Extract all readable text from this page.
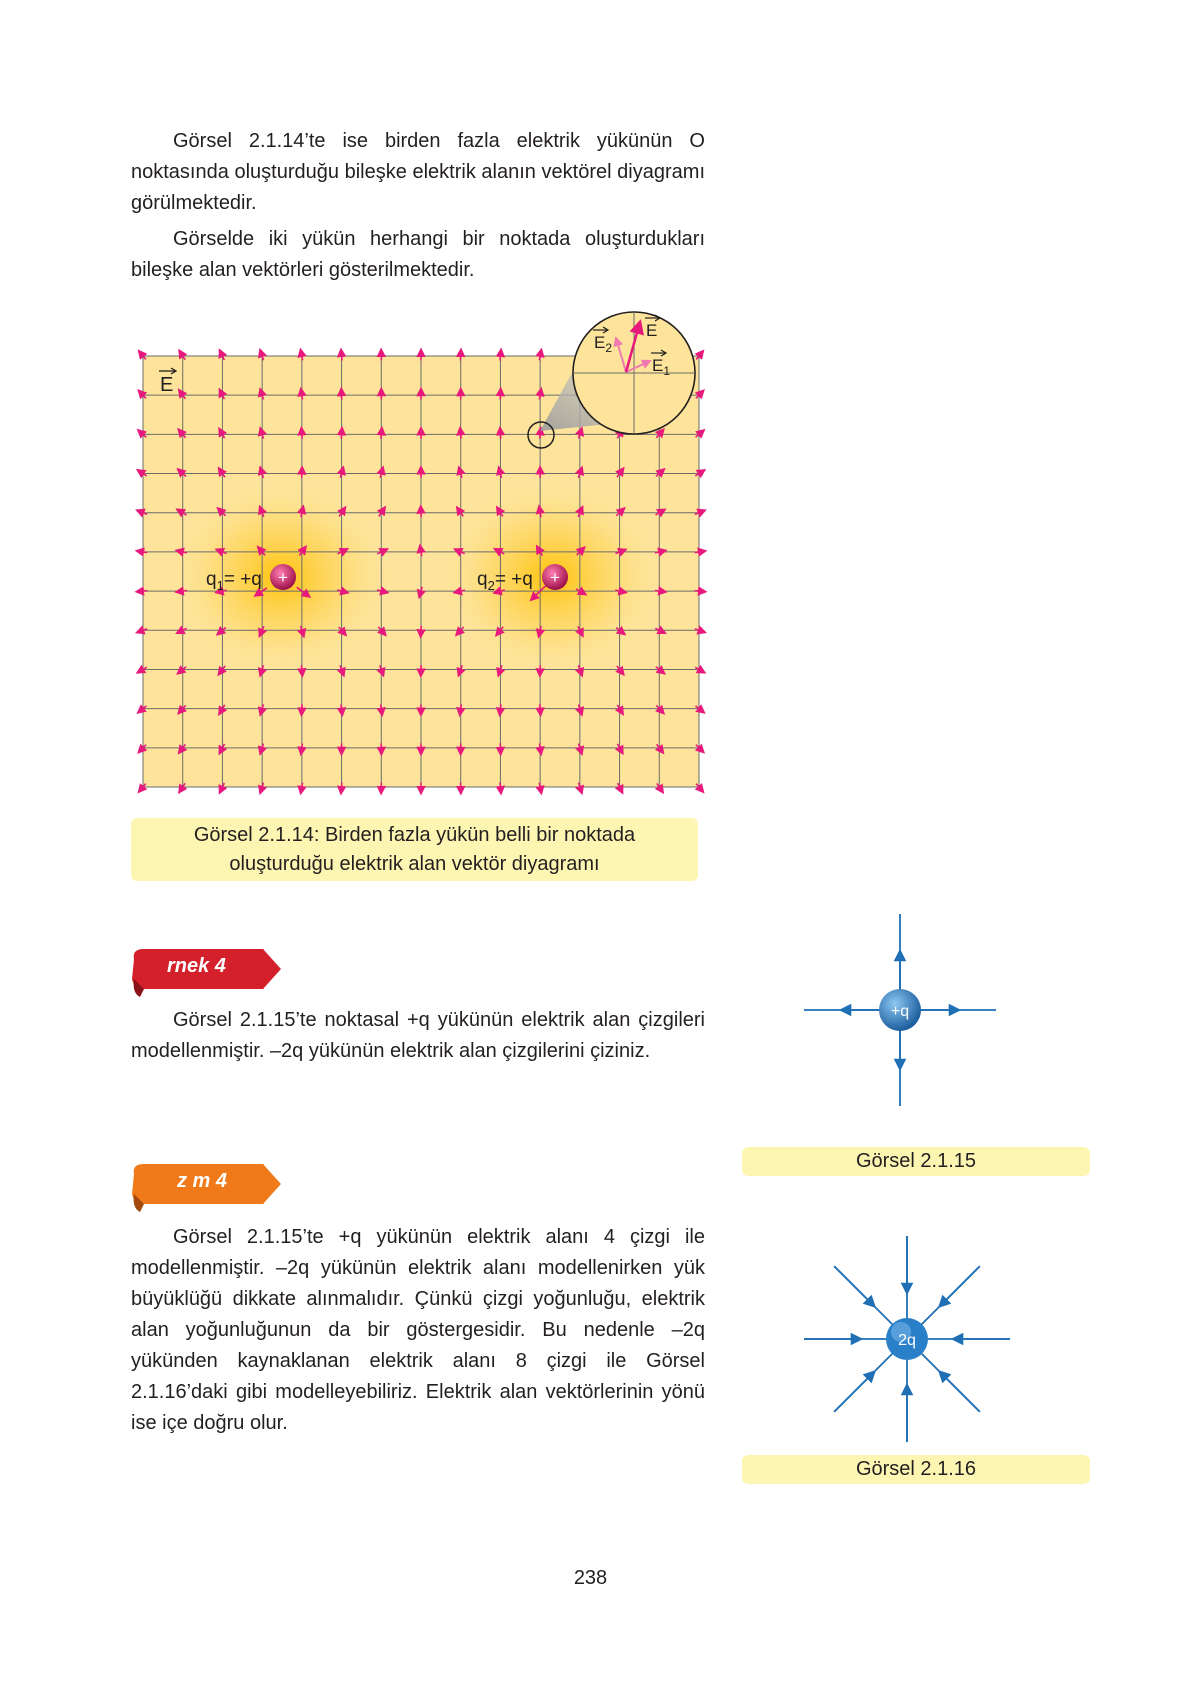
Görsel 2.1.14’te ise birden fazla elektrik yükünün O noktasında oluşturduğu bileşke elektrik alanın vektörel diyagramı görülmektedir.

Görselde iki yükün herhangi bir noktada oluşturdukları bileşke alan vektörleri gösterilmektedir.

E
$q_1= +q$ +	$q_2= +q$ +
E
$E_1$
$E_2$
Görsel 2.1.14: Birden fazla yükün belli bir noktada
oluşturduğu elektrik alan vektör diyagramı
rnek 4

Görsel 2.1.15’te noktasal +q yükünün elektrik alan çizgileri modellenmiştir. –2q yükünün elektrik alan çizgilerini çiziniz.

z m 4

Görsel 2.1.15’te +q yükünün elektrik alanı 4 çizgi ile modellenmiştir. –2q yükünün elektrik alanı modellenirken yük büyüklüğü dikkate alınmalıdır. Çünkü çizgi yoğunluğu, elektrik alan yoğunluğunun da bir göstergesidir. Bu nedenle –2q yükünden kaynaklanan elektrik alanı 8 çizgi ile Görsel 2.1.16’daki gibi modelleyebiliriz. Elektrik alan vektörlerinin yönü ise içe doğru olur.

+q
Görsel 2.1.15
2q
Görsel 2.1.16
238
